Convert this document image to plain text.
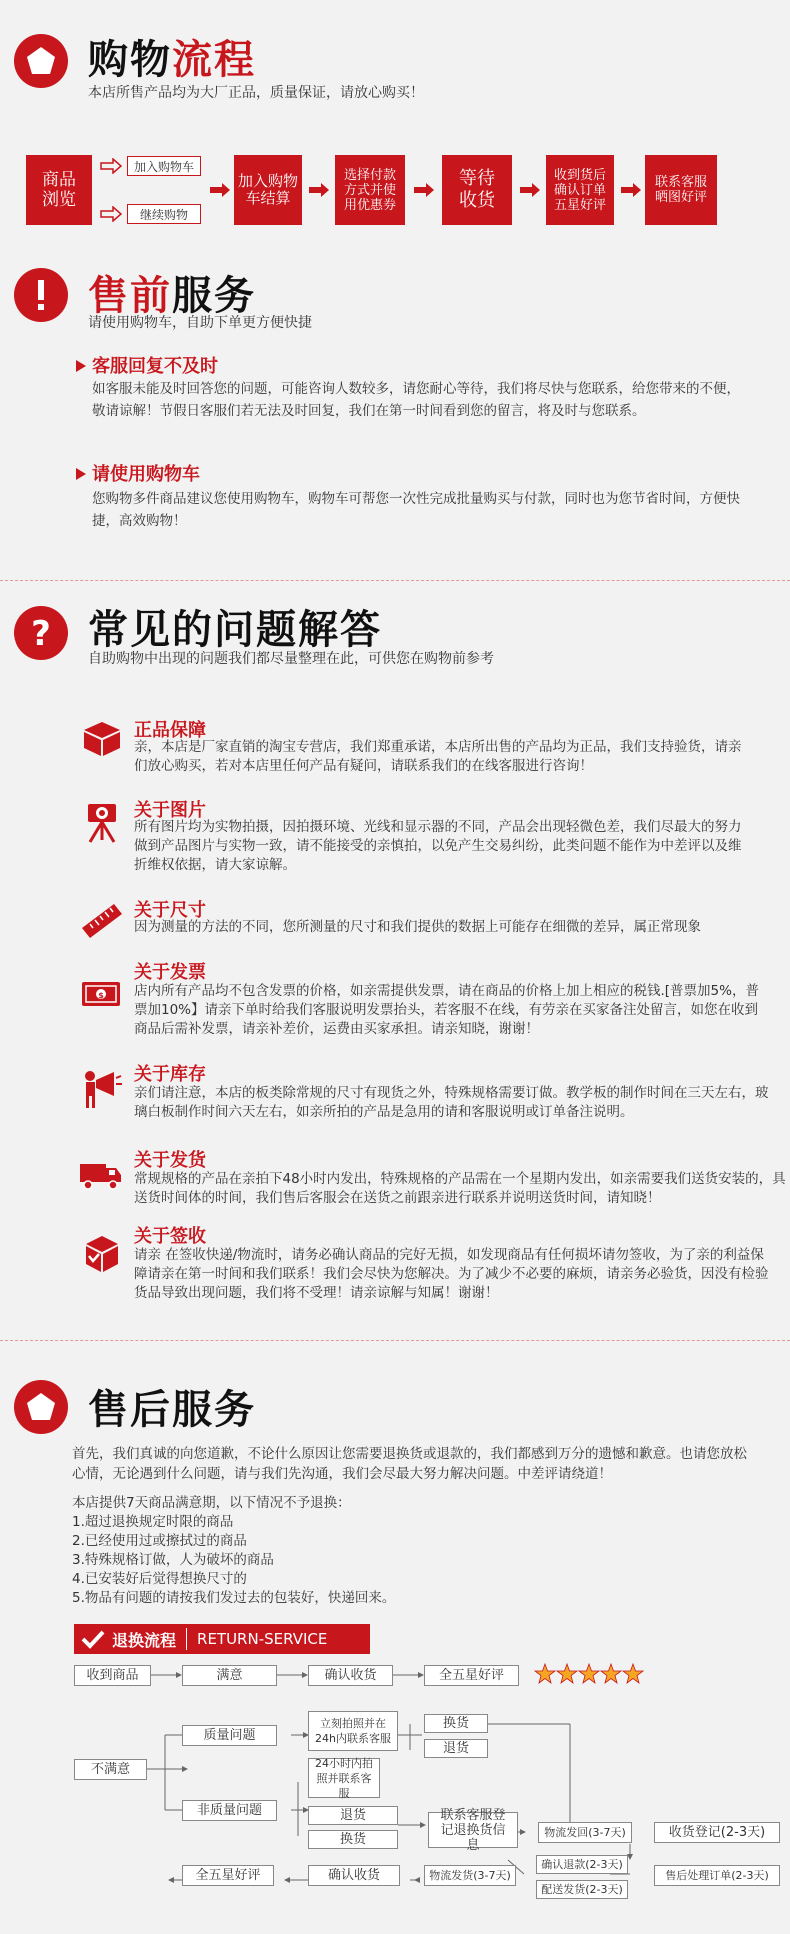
购物流程
本店所售产品均为大厂正品，质量保证，请放心购买！
商品浏览
加入购物车
继续购物
加入购物车结算
选择付款方式并使用优惠券
等待收货
收到货后确认订单五星好评
联系客服晒图好评
售前服务
请使用购物车，自助下单更方便快捷
客服回复不及时
如客服未能及时回答您的问题，可能咨询人数较多，请您耐心等待，我们将尽快与您联系，给您带来的不便，敬请谅解！节假日客服们若无法及时回复，我们在第一时间看到您的留言，将及时与您联系。
请使用购物车
您购物多件商品建议您使用购物车，购物车可帮您一次性完成批量购买与付款，同时也为您节省时间，方便快捷，高效购物！
? 常见的问题解答
自助购物中出现的问题我们都尽量整理在此，可供您在购物前参考
正品保障
亲，本店是厂家直销的淘宝专营店，我们郑重承诺，本店所出售的产品均为正品，我们支持验货，请亲们放心购买，若对本店里任何产品有疑问，请联系我们的在线客服进行咨询！
关于图片
所有图片均为实物拍摄，因拍摄环境、光线和显示器的不同，产品会出现轻微色差，我们尽最大的努力做到产品图片与实物一致，请不能接受的亲慎拍，以免产生交易纠纷，此类问题不能作为中差评以及维折维权依据，请大家谅解。
关于尺寸
因为测量的方法的不同，您所测量的尺寸和我们提供的数据上可能存在细微的差异，属正常现象
$
关于发票
店内所有产品均不包含发票的价格，如亲需提供发票，请在商品的价格上加上相应的税钱.[普票加5%，普票加10%】请亲下单时给我们客服说明发票抬头，若客服不在线，有劳亲在买家备注处留言，如您在收到商品后需补发票，请亲补差价，运费由买家承担。请亲知晓，谢谢！
关于库存
亲们请注意，本店的板类除常规的尺寸有现货之外，特殊规格需要订做。教学板的制作时间在三天左右，玻璃白板制作时间六天左右，如亲所拍的产品是急用的请和客服说明或订单备注说明。
关于发货
常规规格的产品在亲拍下48小时内发出，特殊规格的产品需在一个星期内发出，如亲需要我们送货安装的，具送货时间体的时间，我们售后客服会在送货之前跟亲进行联系并说明送货时间，请知晓！
关于签收
请亲 在签收快递/物流时，请务必确认商品的完好无损，如发现商品有任何损坏请勿签收，为了亲的利益保障请亲在第一时间和我们联系！我们会尽快为您解决。为了减少不必要的麻烦，请亲务必验货，因没有检验货品导致出现问题，我们将不受理！请亲谅解与知属！谢谢！
售后服务
首先，我们真诚的向您道歉，不论什么原因让您需要退换货或退款的，我们都感到万分的遗憾和歉意。也请您放松心情，无论遇到什么问题，请与我们先沟通，我们会尽最大努力解决问题。中差评请绕道！
本店提供7天商品满意期，以下情况不予退换：
1.超过退换规定时限的商品
2.已经使用过或擦拭过的商品
3.特殊规格订做，人为破坏的商品
4.已安装好后觉得想换尺寸的
5.物品有问题的请按我们发过去的包装好，快递回来。
退换流程 RETURN-SERVICE
收到商品	满意	确认收货	全五星好评
不满意
质量问题
非质量问题
立刻拍照并在24h内联系客服
24小时内拍照并联系客服
换货
退货
退货
换货
联系客服登记退换货信息
物流发回(3-7天)	收货登记(2-3天)
确认退款(2-3天)
配送发货(2-3天)
售后处理订单(2-3天)
物流发货(3-7天)
确认收货
全五星好评
